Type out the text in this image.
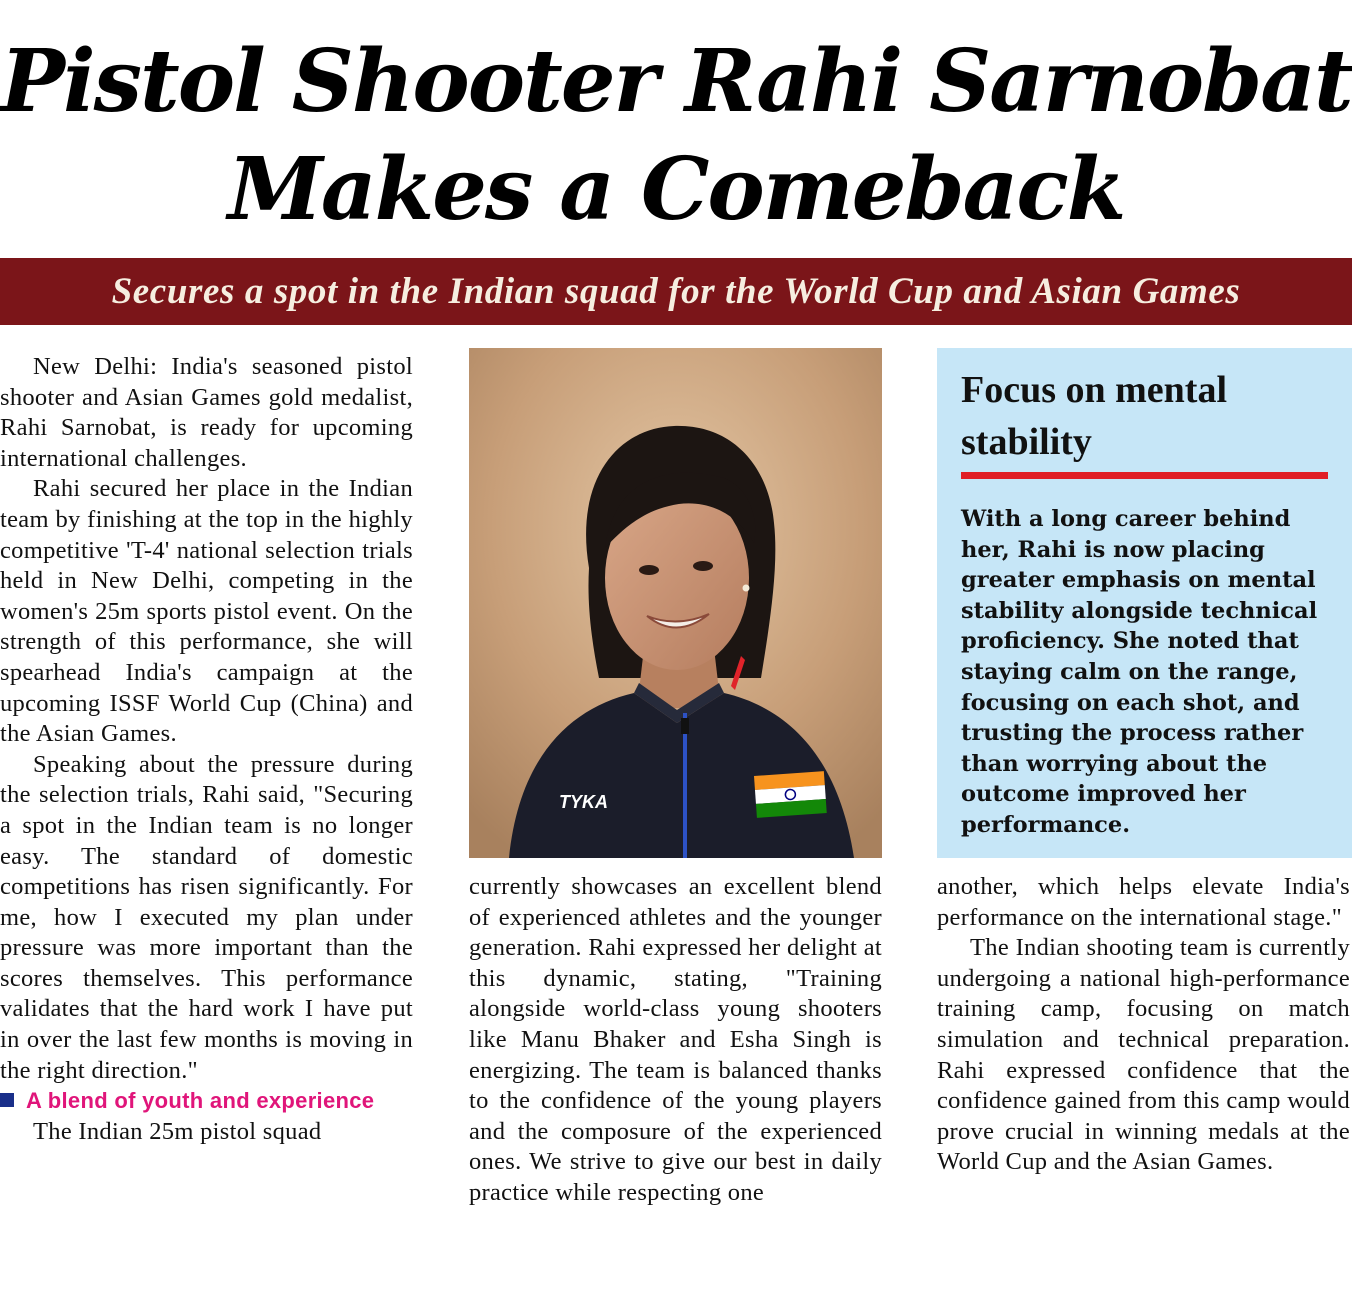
Pistol Shooter Rahi Sarnobat
Makes a Comeback
Secures a spot in the Indian squad for the World Cup and Asian Games

New Delhi: India's seasoned pistol shooter and Asian Games gold medalist, Rahi Sarnobat, is ready for upcoming international challenges.

Rahi secured her place in the Indian team by finishing at the top in the highly competitive 'T-4' national selection trials held in New Delhi, competing in the women's 25m sports pistol event. On the strength of this performance, she will spearhead India's campaign at the upcoming ISSF World Cup (China) and the Asian Games.

Speaking about the pressure during the selection trials, Rahi said, "Securing a spot in the Indian team is no longer easy. The standard of domestic competitions has risen significantly. For me, how I executed my plan under pressure was more important than the scores themselves. This performance validates that the hard work I have put in over the last few months is moving in the right direction."

A blend of youth and experience

The Indian 25m pistol squad

TYKA
Focus on mental stability
With a long career behind her, Rahi is now placing greater emphasis on mental stability alongside technical proficiency. She noted that staying calm on the range, focusing on each shot, and trusting the process rather than worrying about the outcome improved her performance.

currently showcases an excellent blend of experienced athletes and the younger generation. Rahi expressed her delight at this dynamic, stating, "Training alongside world-class young shooters like Manu Bhaker and Esha Singh is energizing. The team is balanced thanks to the confidence of the young players and the composure of the experienced ones. We strive to give our best in daily practice while respecting one

another, which helps elevate India's performance on the international stage."

The Indian shooting team is currently undergoing a national high-performance training camp, focusing on match simulation and technical preparation. Rahi expressed confidence that the confidence gained from this camp would prove crucial in winning medals at the World Cup and the Asian Games.
